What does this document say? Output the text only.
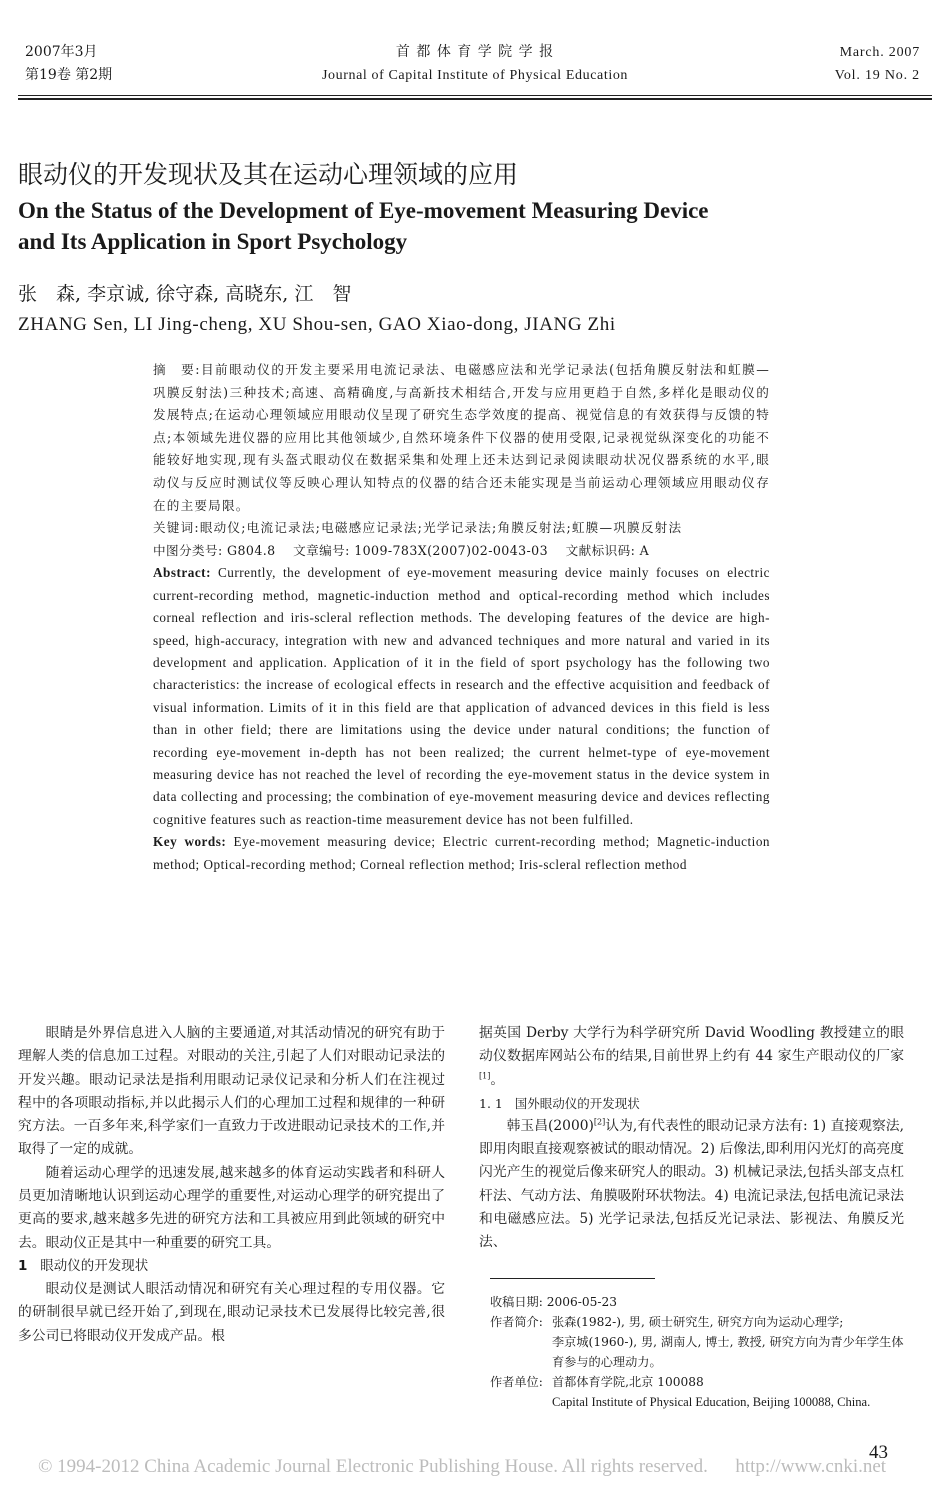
2007年3月
第19卷 第2期
首 都 体 育 学 院 学 报
Journal of Capital Institute of Physical Education
March. 2007
Vol. 19 No. 2
眼动仪的开发现状及其在运动心理领域的应用
On the Status of the Development of Eye-movement Measuring Device
and Its Application in Sport Psychology
张　森, 李京诚, 徐守森, 高晓东, 江　智
ZHANG Sen, LI Jing-cheng, XU Shou-sen, GAO Xiao-dong, JIANG Zhi
摘　要:目前眼动仪的开发主要采用电流记录法、电磁感应法和光学记录法(包括角膜反射法和虹膜—巩膜反射法)三种技术;高速、高精确度,与高新技术相结合,开发与应用更趋于自然,多样化是眼动仪的发展特点;在运动心理领域应用眼动仪呈现了研究生态学效度的提高、视觉信息的有效获得与反馈的特点;本领域先进仪器的应用比其他领域少,自然环境条件下仪器的使用受限,记录视觉纵深变化的功能不能较好地实现,现有头盔式眼动仪在数据采集和处理上还未达到记录阅读眼动状况仪器系统的水平,眼动仪与反应时测试仪等反映心理认知特点的仪器的结合还未能实现是当前运动心理领域应用眼动仪存在的主要局限。
关键词:眼动仪;电流记录法;电磁感应记录法;光学记录法;角膜反射法;虹膜—巩膜反射法
中图分类号: G804.8 文章编号: 1009-783X(2007)02-0043-03 文献标识码: A
Abstract: Currently, the development of eye-movement measuring device mainly focuses on electric current-recording method, magnetic-induction method and optical-recording method which includes corneal reflection and iris-scleral reflection methods. The developing features of the device are high-speed, high-accuracy, integration with new and advanced techniques and more natural and varied in its development and application. Application of it in the field of sport psychology has the following two characteristics: the increase of ecological effects in research and the effective acquisition and feedback of visual information. Limits of it in this field are that application of advanced devices in this field is less than in other field; there are limitations using the device under natural conditions; the function of recording eye-movement in-depth has not been realized; the current helmet-type of eye-movement measuring device has not reached the level of recording the eye-movement status in the device system in data collecting and processing; the combination of eye-movement measuring device and devices reflecting cognitive features such as reaction-time measurement device has not been fulfilled.
Key words: Eye-movement measuring device; Electric current-recording method; Magnetic-induction method; Optical-recording method; Corneal reflection method; Iris-scleral reflection method

眼睛是外界信息进入人脑的主要通道,对其活动情况的研究有助于理解人类的信息加工过程。对眼动的关注,引起了人们对眼动记录法的开发兴趣。眼动记录法是指利用眼动记录仪记录和分析人们在注视过程中的各项眼动指标,并以此揭示人们的心理加工过程和规律的一种研究方法。一百多年来,科学家们一直致力于改进眼动记录技术的工作,并取得了一定的成就。

随着运动心理学的迅速发展,越来越多的体育运动实践者和科研人员更加清晰地认识到运动心理学的重要性,对运动心理学的研究提出了更高的要求,越来越多先进的研究方法和工具被应用到此领域的研究中去。眼动仪正是其中一种重要的研究工具。

1 眼动仪的开发现状

眼动仪是测试人眼活动情况和研究有关心理过程的专用仪器。它的研制很早就已经开始了,到现在,眼动记录技术已发展得比较完善,很多公司已将眼动仪开发成产品。根

据英国 Derby 大学行为科学研究所 David Woodling 教授建立的眼动仪数据库网站公布的结果,目前世界上约有 44 家生产眼动仪的厂家[1]。

1. 1 国外眼动仪的开发现状

韩玉昌(2000)[2]认为,有代表性的眼动记录方法有: 1) 直接观察法,即用肉眼直接观察被试的眼动情况。2) 后像法,即利用闪光灯的高亮度闪光产生的视觉后像来研究人的眼动。3) 机械记录法,包括头部支点杠杆法、气动方法、角膜吸附环状物法。4) 电流记录法,包括电流记录法和电磁感应法。5) 光学记录法,包括反光记录法、影视法、角膜反光法、

收稿日期: 2006-05-23
作者简介: 张森(1982-), 男, 硕士研究生, 研究方向为运动心理学;
李京城(1960-), 男, 湖南人, 博士, 教授, 研究方向为青少年学生体育参与的心理动力。
作者单位: 首都体育学院,北京 100088
Capital Institute of Physical Education, Beijing 100088, China.
43
© 1994-2012 China Academic Journal Electronic Publishing House. All rights reserved. http://www.cnki.net
